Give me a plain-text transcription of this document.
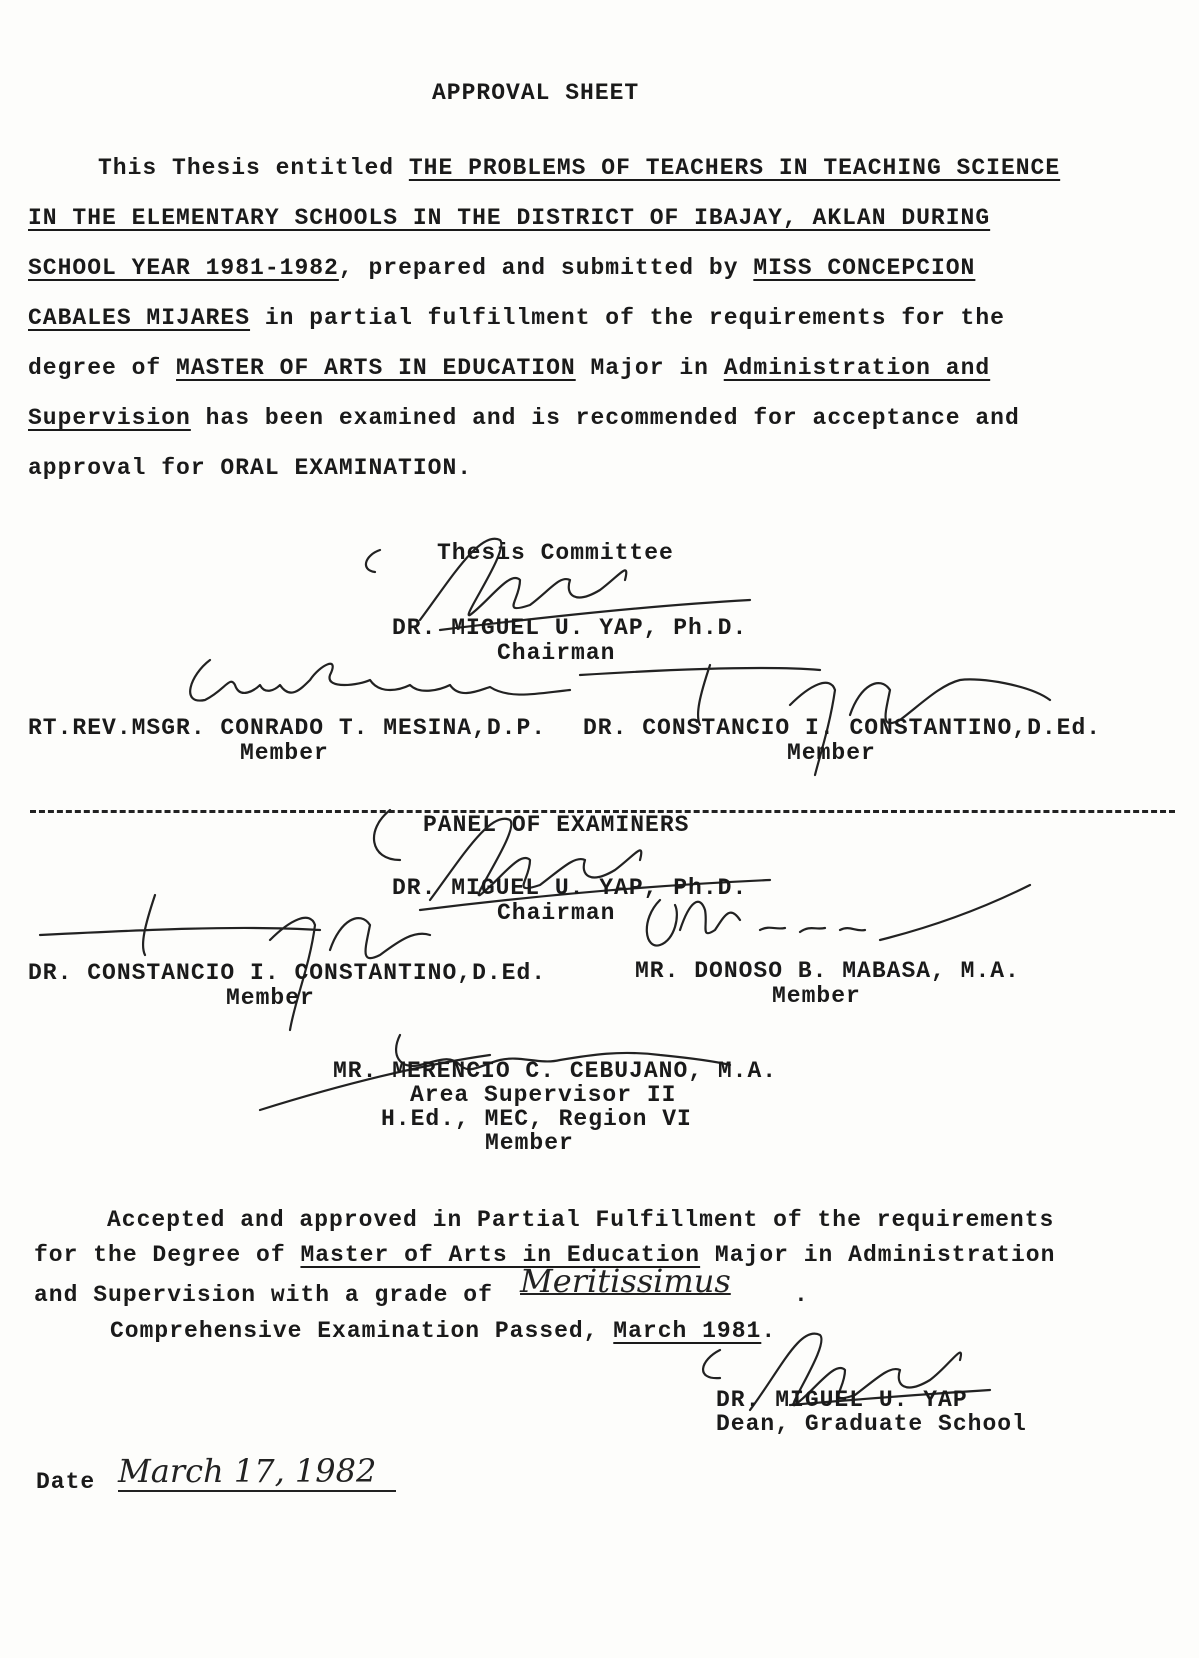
APPROVAL SHEET
This Thesis entitled THE PROBLEMS OF TEACHERS IN TEACHING SCIENCE
IN THE ELEMENTARY SCHOOLS IN THE DISTRICT OF IBAJAY, AKLAN DURING
SCHOOL YEAR 1981-1982, prepared and submitted by MISS CONCEPCION
CABALES MIJARES in partial fulfillment of the requirements for the
degree of MASTER OF ARTS IN EDUCATION Major in Administration and
Supervision has been examined and is recommended for acceptance and
approval for ORAL EXAMINATION.
Thesis Committee
DR. MIGUEL U. YAP, Ph.D.
Chairman
RT.REV.MSGR. CONRADO T. MESINA,D.P.
Member
DR. CONSTANCIO I. CONSTANTINO,D.Ed.
Member
PANEL OF EXAMINERS
DR. MIGUEL U. YAP, Ph.D.
Chairman
DR. CONSTANCIO I. CONSTANTINO,D.Ed.
Member
MR. DONOSO B. MABASA, M.A.
Member
MR. MERENCIO C. CEBUJANO, M.A.
Area Supervisor II
H.Ed., MEC, Region VI
Member
Accepted and approved in Partial Fulfillment of the requirements
for the Degree of Master of Arts in Education Major in Administration
and Supervision with a grade of Meritissimus	.
Comprehensive Examination Passed, March 1981.
DR. MIGUEL U. YAP
Dean, Graduate School
Date March 17, 1982
